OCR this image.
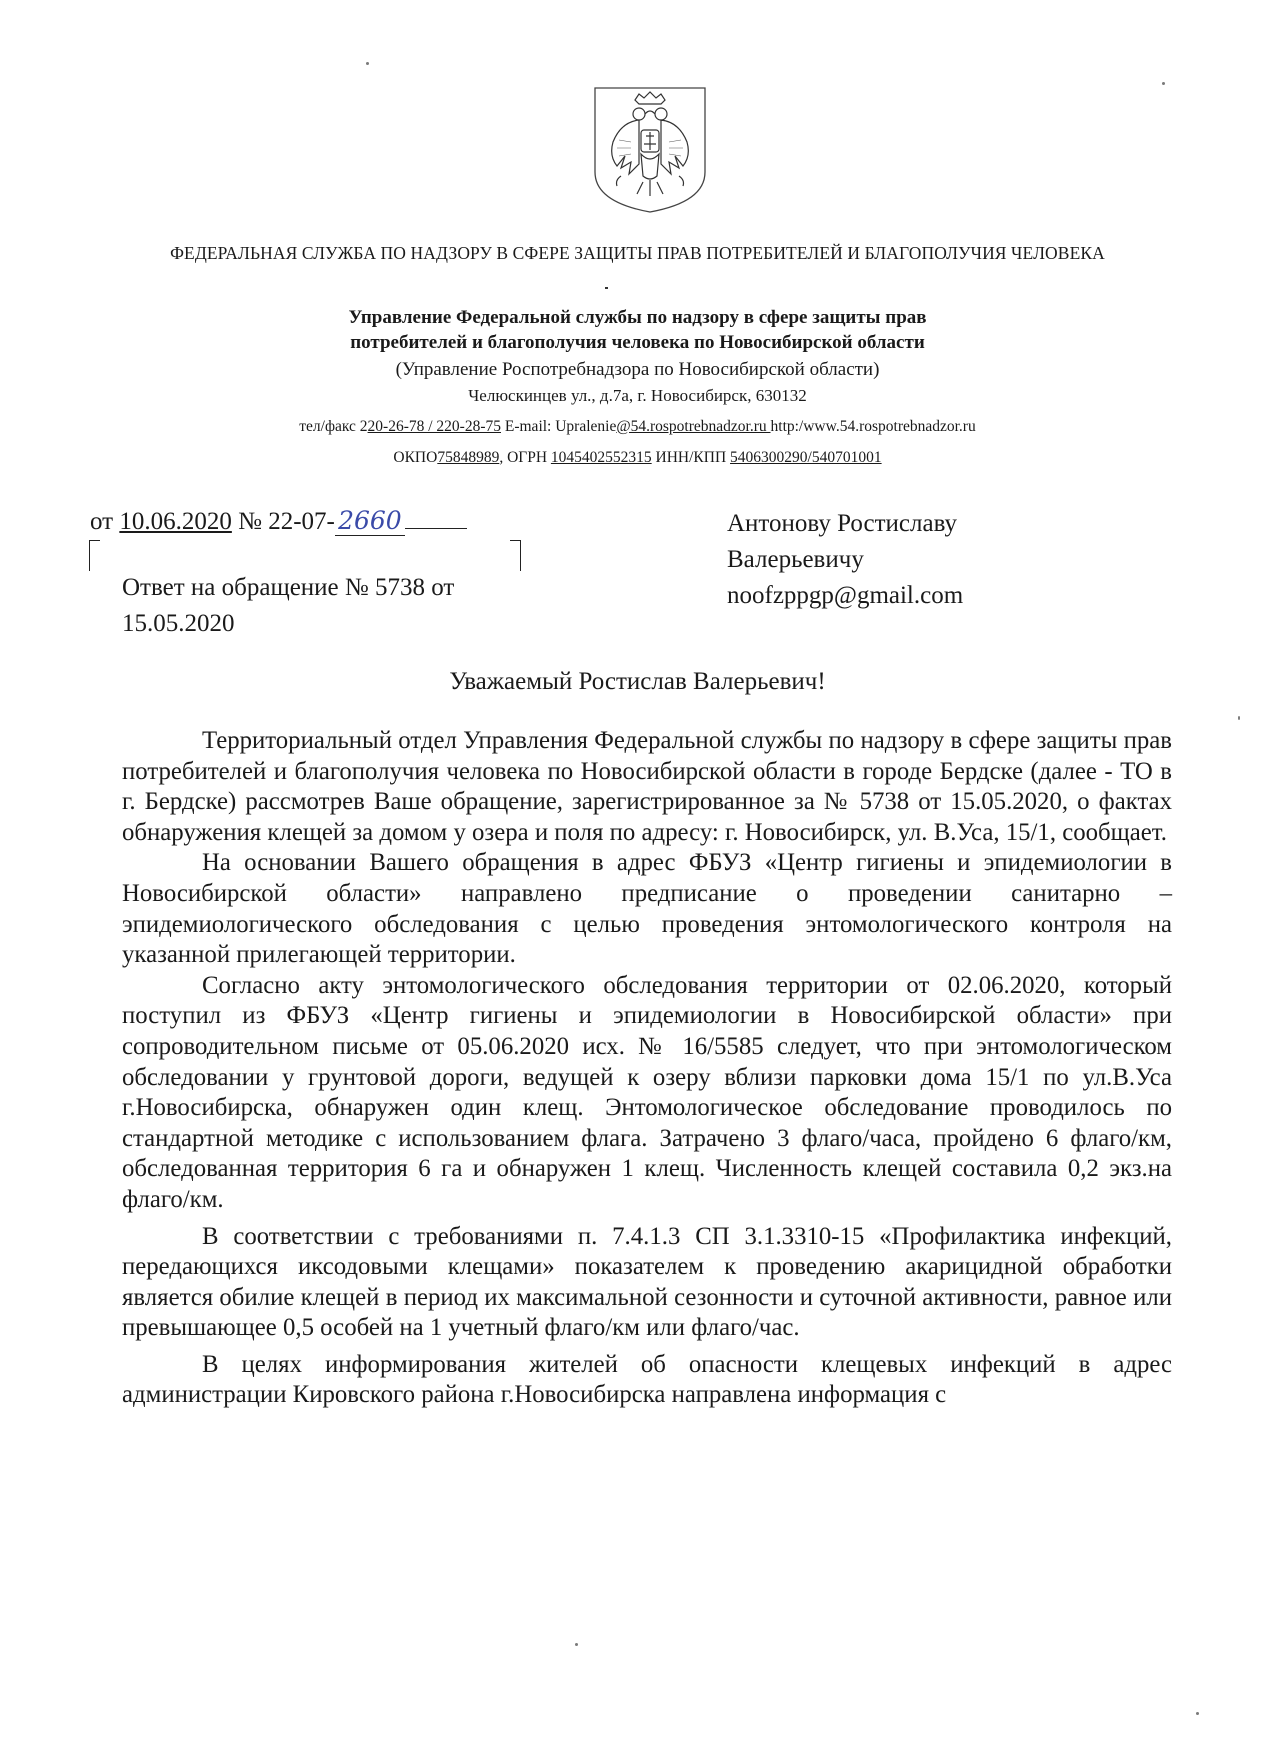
ФЕДЕРАЛЬНАЯ СЛУЖБА ПО НАДЗОРУ В СФЕРЕ ЗАЩИТЫ ПРАВ ПОТРЕБИТЕЛЕЙ И БЛАГОПОЛУЧИЯ ЧЕЛОВЕКА
Управление Федеральной службы по надзору в сфере защиты прав
потребителей и благополучия человека по Новосибирской области
(Управление Роспотребнадзора по Новосибирской области)
Челюскинцев ул., д.7а, г. Новосибирск, 630132
тел/факс 220-26-78 / 220-28-75 E-mail: Upralenie@54.rospotrebnadzor.ru http:/www.54.rospotrebnadzor.ru
ОКПО75848989, ОГРН 1045402552315 ИНН/КПП 5406300290/540701001
от 10.06.2020 № 22-07- 2660
Ответ на обращение № 5738 от 15.05.2020
Антонову Ростиславу
Валерьевичу
noofzppgp@gmail.com
Уважаемый Ростислав Валерьевич!

Территориальный отдел Управления Федеральной службы по надзору в сфере защиты прав потребителей и благополучия человека по Новосибирской области в городе Бердске (далее - ТО в г. Бердске) рассмотрев Ваше обращение, зарегистрированное за № 5738 от 15.05.2020, о фактах обнаружения клещей за домом у озера и поля по адресу: г. Новосибирск, ул. В.Уса, 15/1, сообщает.

На основании Вашего обращения в адрес ФБУЗ «Центр гигиены и эпидемиологии в Новосибирской области» направлено предписание о проведении санитарно – эпидемиологического обследования с целью проведения энтомологического контроля на указанной прилегающей территории.

Согласно акту энтомологического обследования территории от 02.06.2020, который поступил из ФБУЗ «Центр гигиены и эпидемиологии в Новосибирской области» при сопроводительном письме от 05.06.2020 исх. № 16/5585 следует, что при энтомологическом обследовании у грунтовой дороги, ведущей к озеру вблизи парковки дома 15/1 по ул.В.Уса г.Новосибирска, обнаружен один клещ. Энтомологическое обследование проводилось по стандартной методике с использованием флага. Затрачено 3 флаго/часа, пройдено 6 флаго/км, обследованная территория 6 га и обнаружен 1 клещ. Численность клещей составила 0,2 экз.на флаго/км.

В соответствии с требованиями п. 7.4.1.3 СП 3.1.3310-15 «Профилактика инфекций, передающихся иксодовыми клещами» показателем к проведению акарицидной обработки является обилие клещей в период их максимальной сезонности и суточной активности, равное или превышающее 0,5 особей на 1 учетный флаго/км или флаго/час.

В целях информирования жителей об опасности клещевых инфекций в адрес администрации Кировского района г.Новосибирска направлена информация с
